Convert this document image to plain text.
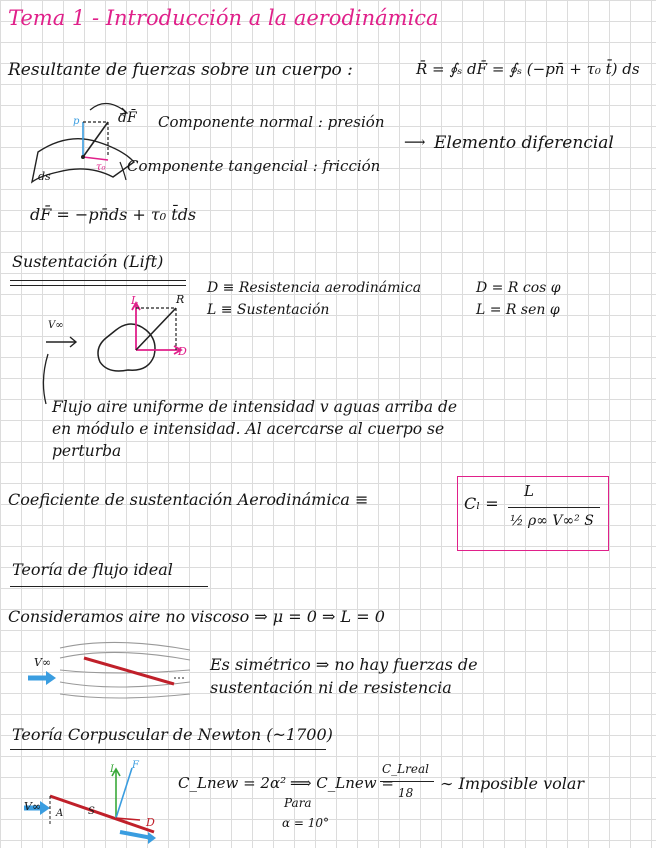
Tema 1 - Introducción a la aerodinámica
Resultante de fuerzas sobre un cuerpo :	R̄ = ∮ₛ dF̄ = ∮ₛ (−pn̄ + τ₀ t̄) ds
p	dF̄
τ₀
ds
Componente normal : presión
Componente tangencial : fricción
⟶ Elemento diferencial
dF̄ = −pn̄ds + τ₀ t̄ds
Sustentación (Lift)
D ≡ Resistencia aerodinámica
L ≡ Sustentación
D = R cos φ
L = R sen φ
V∞
L	R
D
Flujo aire uniforme de intensidad v aguas arriba de
en módulo e intensidad. Al acercarse al cuerpo se
perturba
Coeficiente de sustentación Aerodinámica ≡	Cₗ =
L
½ ρ∞ V∞² S
Teoría de flujo ideal
Consideramos aire no viscoso ⇒ μ = 0 ⇒ L = 0
V∞	Es simétrico ⇒ no hay fuerzas de
sustentación ni de resistencia
Teoría Corpuscular de Newton (~1700)
V∞
L F
A S
D
C_Lnew = 2α² ⟹ C_Lnew =
C_Lreal
18 ∼ Imposible volar
Para
α = 10°
